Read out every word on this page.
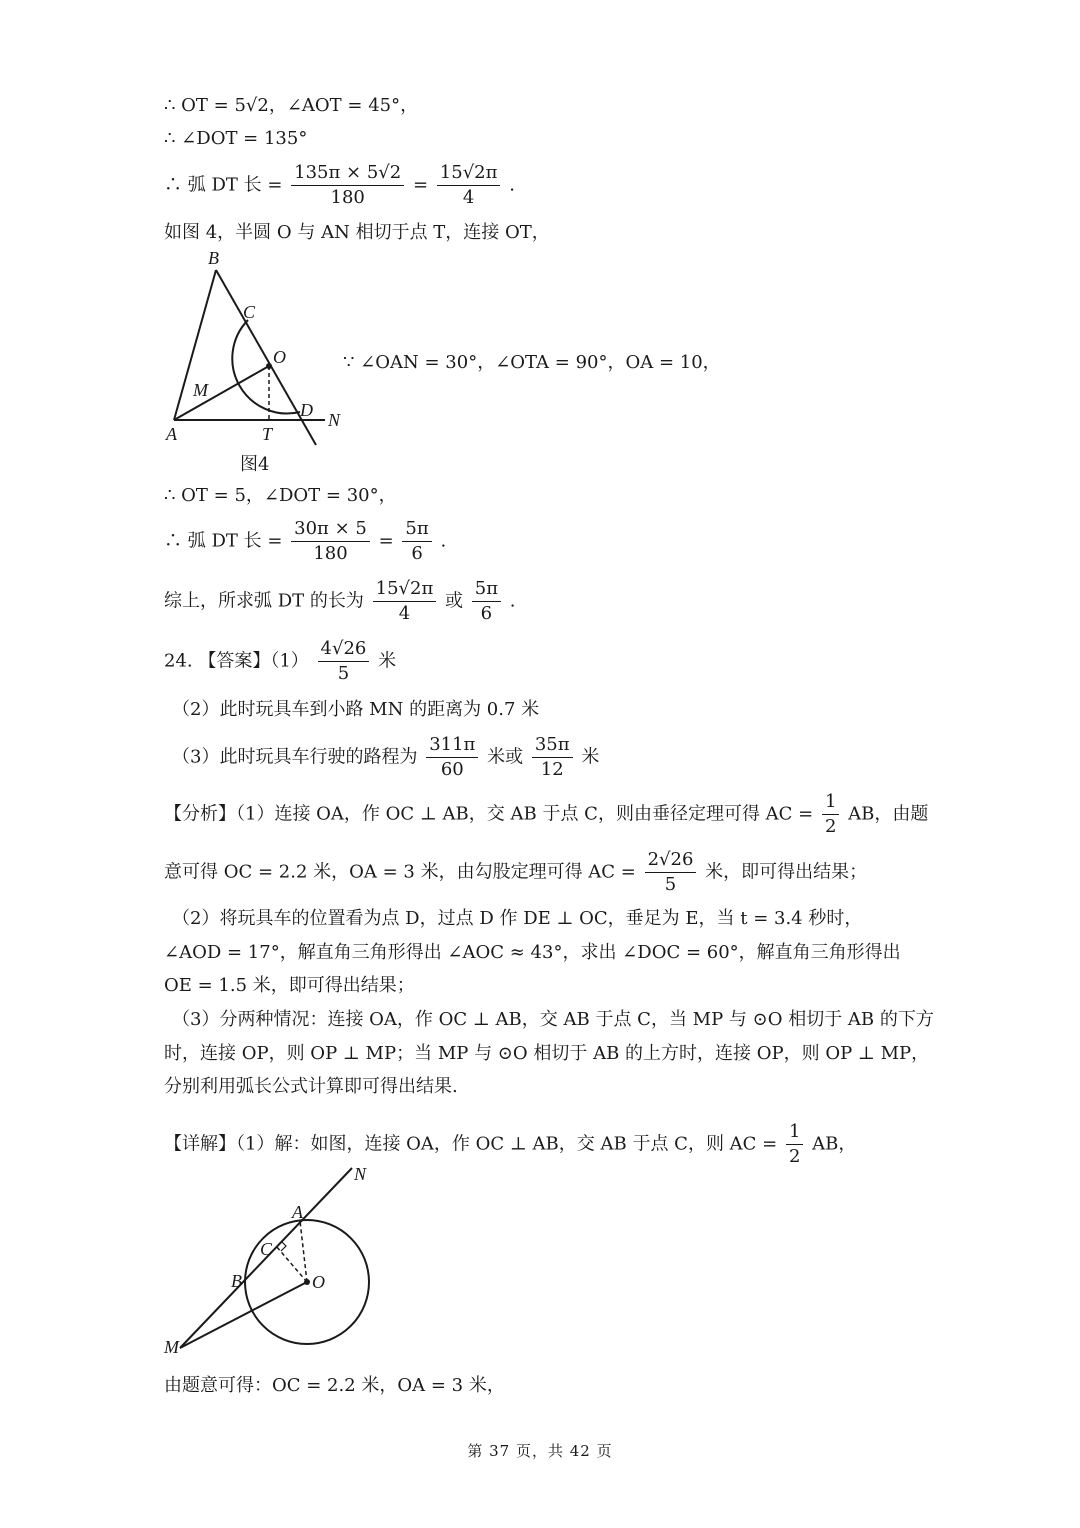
∴ OT = 5√2，∠AOT = 45°，
∴ ∠DOT = 135°
∴ 弧 DT 长 = $\frac{135\pi \times 5√2}{180} = \frac{15√2\pi}{4}$ .
如图 4，半圆 O 与 AN 相切于点 T，连接 OT，
B
C
O
M
D N
A	T
图4
∵ ∠OAN = 30°，∠OTA = 90°，OA = 10，
∴ OT = 5，∠DOT = 30°，
∴ 弧 DT 长 = $\frac{30\pi \times 5}{180} = \frac{5\pi}{6}$ .
综上，所求弧 DT 的长为 $\frac{15√2\pi}{4}$ 或 $\frac{5\pi}{6}$ .
24. 【答案】$(1) \frac{4√26}{5}$ 米
（2）此时玩具车到小路 MN 的距离为 0.7 米
（3）此时玩具车行驶的路程为 $\frac{311\pi}{60}$ 米或 $\frac{35\pi}{12}$ 米
【分析】（1）连接 OA，作 OC ⊥ AB，交 AB 于点 C，则由垂径定理可得 AC = $\frac{1}{2}$ AB，由题
意可得 OC = 2.2 米，OA = 3 米，由勾股定理可得 AC = $\frac{2√26}{5}$ 米，即可得出结果；
（2）将玩具车的位置看为点 D，过点 D 作 DE ⊥ OC，垂足为 E，当 t = 3.4 秒时，
∠AOD = 17°，解直角三角形得出 ∠AOC ≈ 43°，求出 ∠DOC = 60°，解直角三角形得出
OE = 1.5 米，即可得出结果；
（3）分两种情况：连接 OA，作 OC ⊥ AB，交 AB 于点 C，当 MP 与 ⊙O 相切于 AB 的下方
时，连接 OP，则 OP ⊥ MP；当 MP 与 ⊙O 相切于 AB 的上方时，连接 OP，则 OP ⊥ MP，
分别利用弧长公式计算即可得出结果.
【详解】（1）解：如图，连接 OA，作 OC ⊥ AB，交 AB 于点 C，则 AC = $\frac{1}{2}$ AB，
N
A
C
B	O
M
由题意可得：OC = 2.2 米，OA = 3 米，
第 37 页，共 42 页
